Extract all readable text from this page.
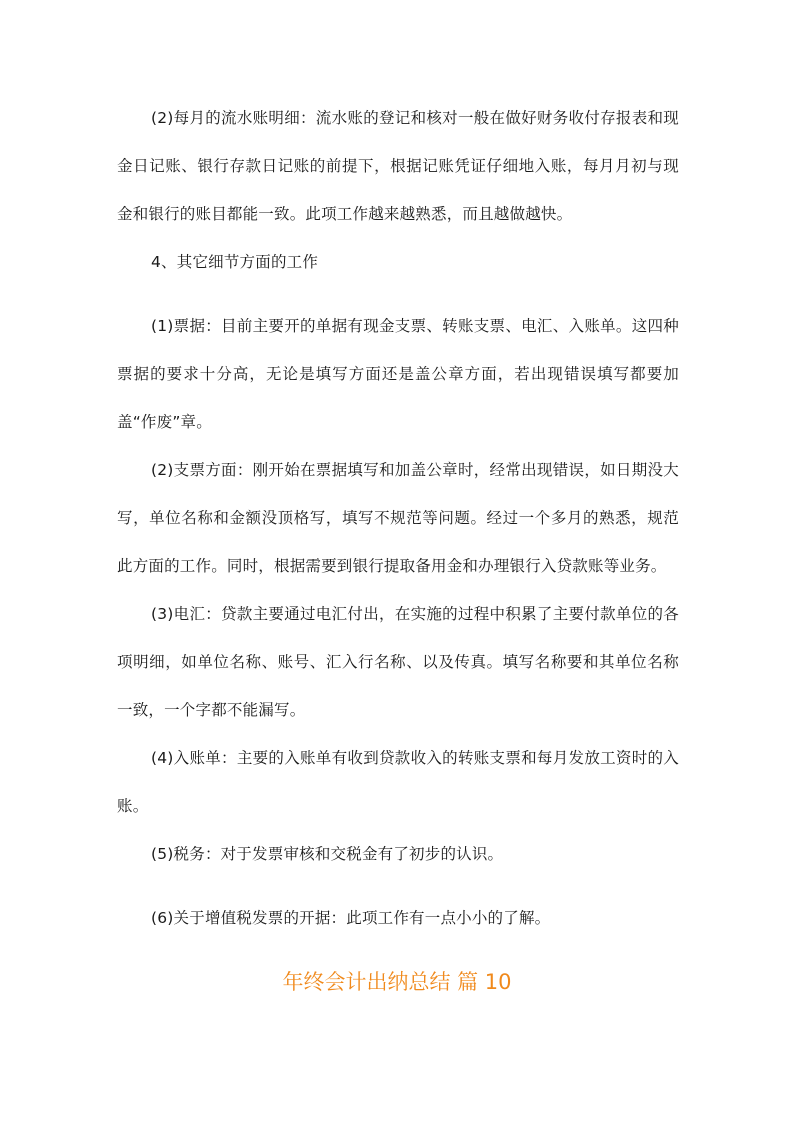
(2)每月的流水账明细：流水账的登记和核对一般在做好财务收付存报表和现金日记账、银行存款日记账的前提下，根据记账凭证仔细地入账，每月月初与现金和银行的账目都能一致。此项工作越来越熟悉，而且越做越快。

4、其它细节方面的工作

(1)票据：目前主要开的单据有现金支票、转账支票、电汇、入账单。这四种票据的要求十分高，无论是填写方面还是盖公章方面，若出现错误填写都要加盖“作废”章。

(2)支票方面：刚开始在票据填写和加盖公章时，经常出现错误，如日期没大写，单位名称和金额没顶格写，填写不规范等问题。经过一个多月的熟悉，规范此方面的工作。同时，根据需要到银行提取备用金和办理银行入贷款账等业务。

(3)电汇：贷款主要通过电汇付出，在实施的过程中积累了主要付款单位的各项明细，如单位名称、账号、汇入行名称、以及传真。填写名称要和其单位名称一致，一个字都不能漏写。

(4)入账单：主要的入账单有收到贷款收入的转账支票和每月发放工资时的入账。

(5)税务：对于发票审核和交税金有了初步的认识。

(6)关于增值税发票的开据：此项工作有一点小小的了解。

年终会计出纳总结 篇 10
